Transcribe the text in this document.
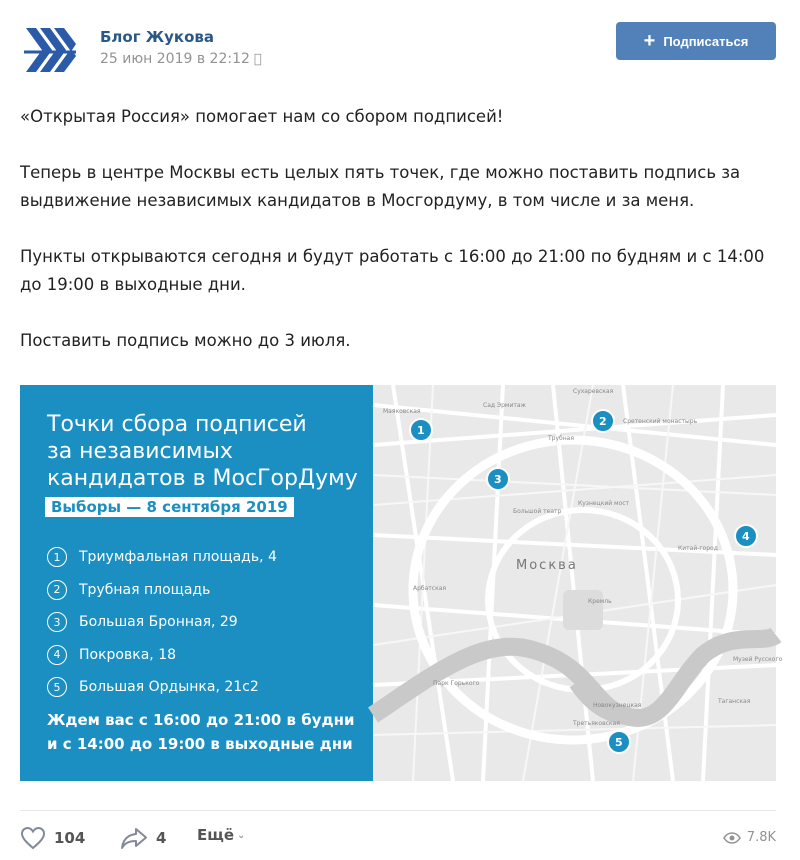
Блог Жукова
25 июн 2019 в 22:12
+ Подписаться

«Открытая Россия» помогает нам со сбором подписей!

Теперь в центре Москвы есть целых пять точек, где можно поставить подпись за выдвижение независимых кандидатов в Мосгордуму, в том числе и за меня.

Пункты открываются сегодня и будут работать с 16:00 до 21:00 по будням и с 14:00 до 19:00 в выходные дни.

Поставить подпись можно до 3 июля.

Точки сбора подписей
за независимых
кандидатов в МосГорДуму
Выборы — 8 сентября 2019
1	Триумфальная площадь, 4
2	Трубная площадь
3	Большая Бронная, 29
4	Покровка, 18
5	Большая Ордынка, 21с2
Ждем вас с 16:00 до 21:00 в будни
и с 14:00 до 19:00 в выходные дни
Москва
Сухаревская
Сад Эрмитаж
Трубная
Сретенский монастырь
Маяковская
Кремль
Большой театр
Кузнецкий мост
Арбатская
Парк Горького
Третьяковская
Музей Русского
Таганская
Китай-город
Новокузнецкая
1
2
3
4
5
104	4 Ещё ⌄	7.8K
